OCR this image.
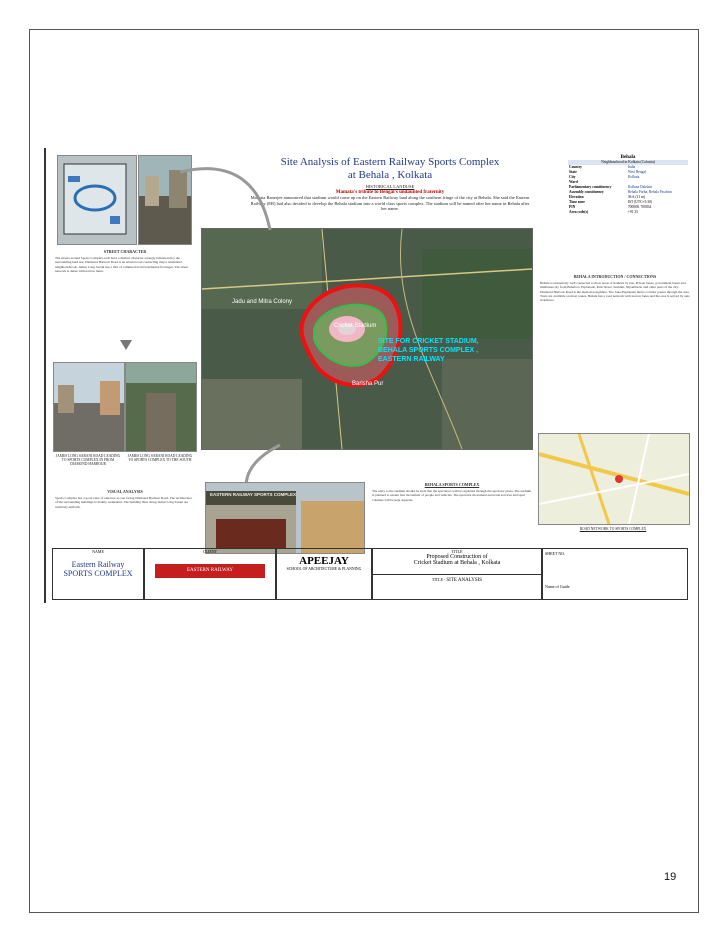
Site Analysis of Eastern Railway Sports Complex
at Behala , Kolkata
HISTORICAL LANDUSE
Mamata's tribute to Bengal's undaunted fraternity
Mamata Banerjee announced that stadium would come up on the Eastern Railway land along the southern fringe of the city at Behala. She said the Eastern Railway (ER) had also decided to develop the Behala stadium into a world class sports complex. The stadium will be named after her name in Behala after her name.
STREET CHARACTER
The streets around Sports Complex each have a distinct character strongly influenced by the surrounding land use. Diamond Harbour Road is an arterial road connecting major residential neighbourhoods. James Long Sarani has a mix of commercial and residential frontages. The street network is dense with narrow lanes.
JAMES LONG SARANI ROAD LEADING TO SPORTS COMPLEX IN FROM DIAMOND HARBOUR
JAMES LONG SARANI ROAD LEADING TO SPORTS COMPLEX TO THE SOUTH
VISUAL ANALYSIS
Sports Complex has a good view of entrance as one facing Diamond Harbour Road. The architecture of the surrounding buildings is mainly residential. The building lines along James Long Sarani are relatively uniform.
Jadu and Mitra Colony
Cricket Stadium
SITE FOR CRICKET STADIUM,
BEHALA SPORTS COMPLEX ,
EASTERN RAILWAY
Barisha Pur
Behala
Neighbourhood in Kolkata (Calcutta)
Country	India
State	West Bengal
City	Kolkata
Ward	
Parliamentary constituency	Kolkata Dakshin
Assembly constituency	Behala Purba, Behala Paschim
Elevation	36 ft (11 m)
Time zone	IST (UTC+5:30)
PIN	700008, 700034
Area code(s)	+91 33
BEHALA INTRODUCTION / CONNECTIONS
Behala is extensively well connected to most areas of Kolkata by bus. Private buses, government buses and minibuses ply from Behala to Esplanade, Park Street, Sealdah, Shyambazar and other parts of the city. Diamond Harbour Road is the main thoroughfare. The Joka-Esplanade metro corridor passes through the area. Taxis are available on most routes. Behala has a road network with narrow lanes and the area is served by auto rickshaws.
ROAD NETWORK TO SPORTS COMPLEX
EASTERN RAILWAY SPORTS COMPLEX
BEHALA SPORTS COMPLEX
The entry to the stadium should be such that the spectators will be regulated through the spectator plaza. The stadium is planned to ensure free movement of people and vehicles. The spectator movement and trade services and sport volumes will be kept separate.
NAME
Eastern Railway
SPORTS COMPLEX
CLIENT
EASTERN RAILWAY
APEEJAY
SCHOOL OF ARCHITECTURE & PLANNING
TITLE
Proposed Construction of
Cricket Stadium at Behala , Kolkata
TITLE - SITE ANALYSIS
SHEET NO.
Name of Guide
19
